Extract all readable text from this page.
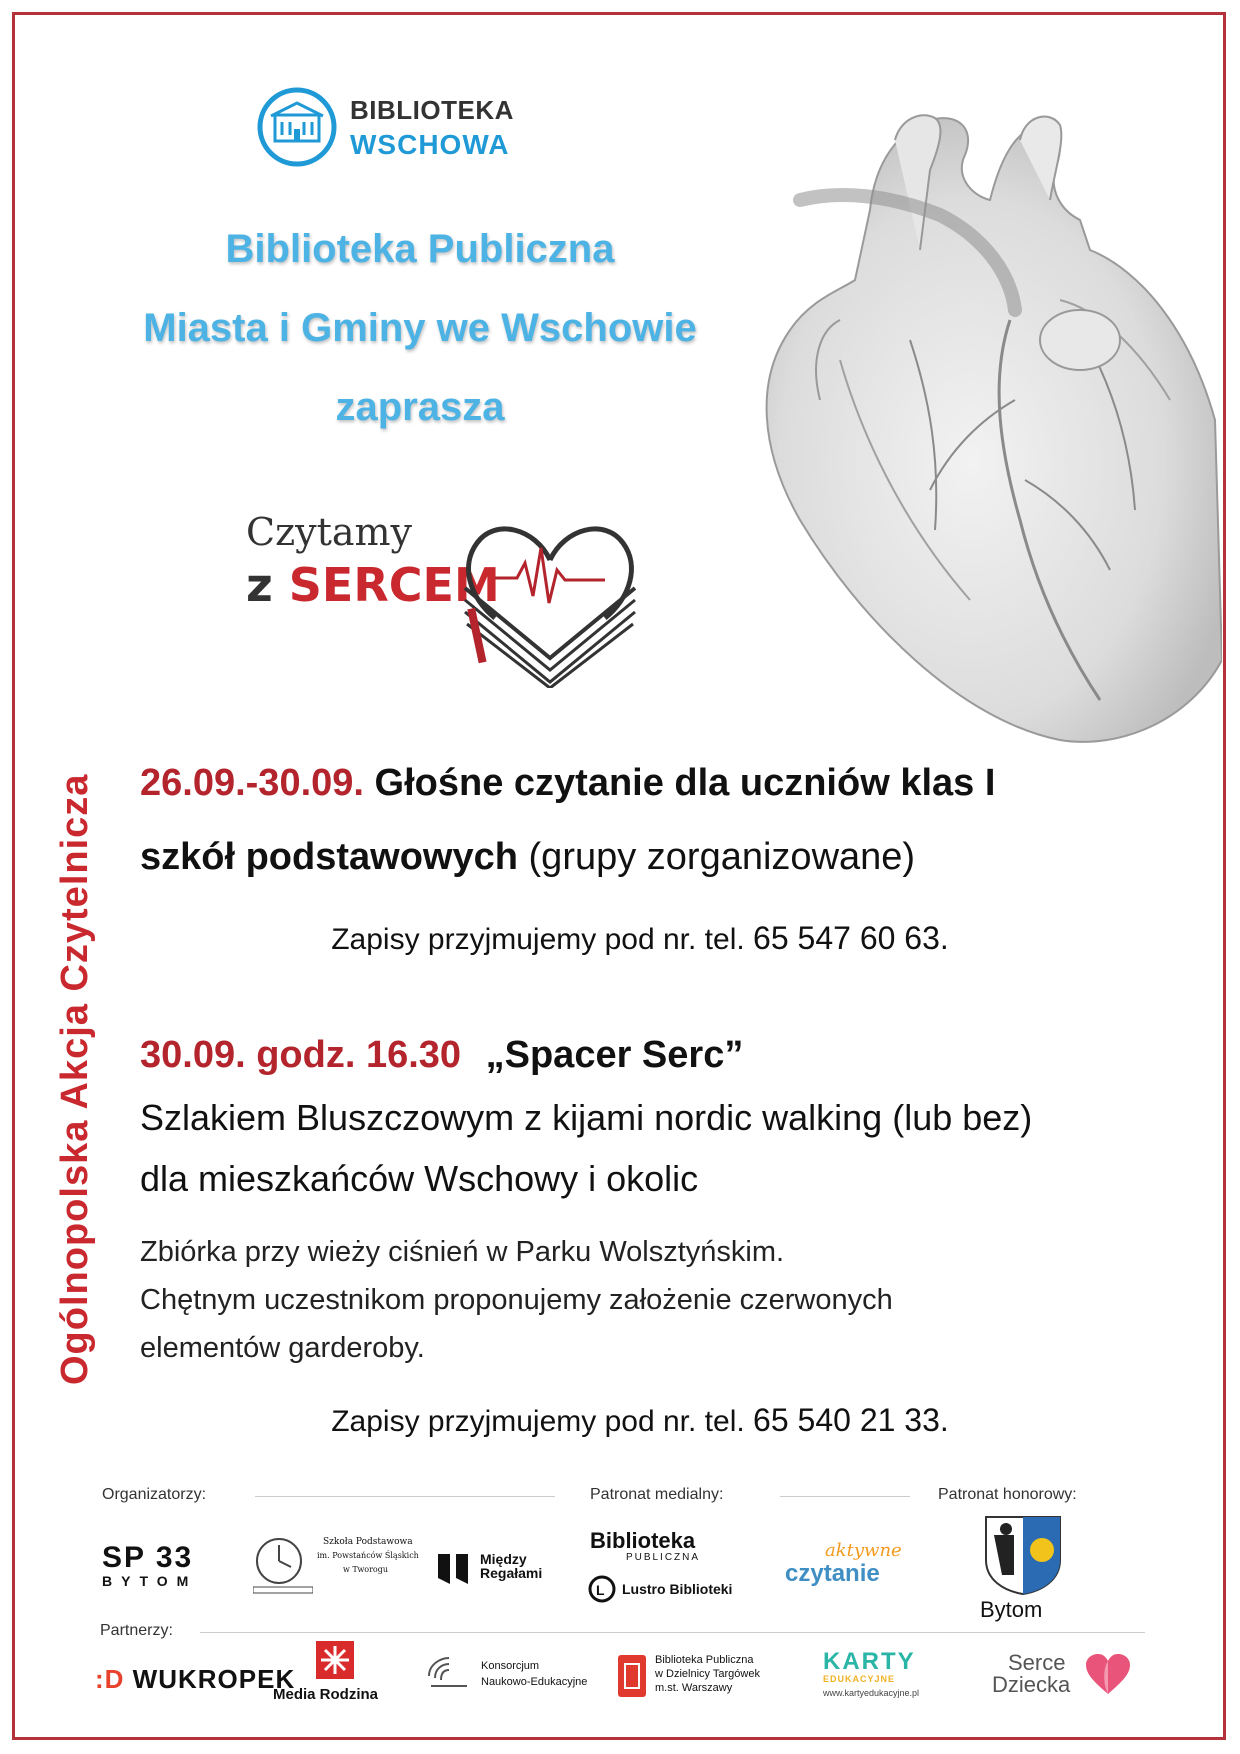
BIBLIOTEKA
WSCHOWA
Biblioteka Publiczna
Miasta i Gminy we Wschowie
zaprasza
Czytamy
z SERCEM
Ogólnopolska Akcja Czytelnicza	26.09.-30.09. Głośne czytanie dla uczniów klas I
szkół podstawowych (grupy zorganizowane)
Zapisy przyjmujemy pod nr. tel. 65 547 60 63.
30.09. godz. 16.30 „Spacer Serc”
Szlakiem Bluszczowym z kijami nordic walking (lub bez)
dla mieszkańców Wschowy i okolic
Zbiórka przy wieży ciśnień w Parku Wolsztyńskim.
Chętnym uczestnikom proponujemy założenie czerwonych
elementów garderoby.
Zapisy przyjmujemy pod nr. tel. 65 540 21 33.
Organizatorzy:	Patronat medialny:	Patronat honorowy:
Partnerzy:
SP 33
BYTOM
Szkoła Podstawowa
im. Powstańców Śląskich
w Tworogu
Między
Regałami
Biblioteka
PUBLICZNA
L Lustro Biblioteki
aktywne
czytanie
Bytom
:D WUKROPEK
Media Rodzina
Konsorcjum
Naukowo-Edukacyjne
Biblioteka Publiczna
w Dzielnicy Targówek
m.st. Warszawy
KARTY
EDUKACYJNE
www.kartyedukacyjne.pl
Serce
Dziecka
